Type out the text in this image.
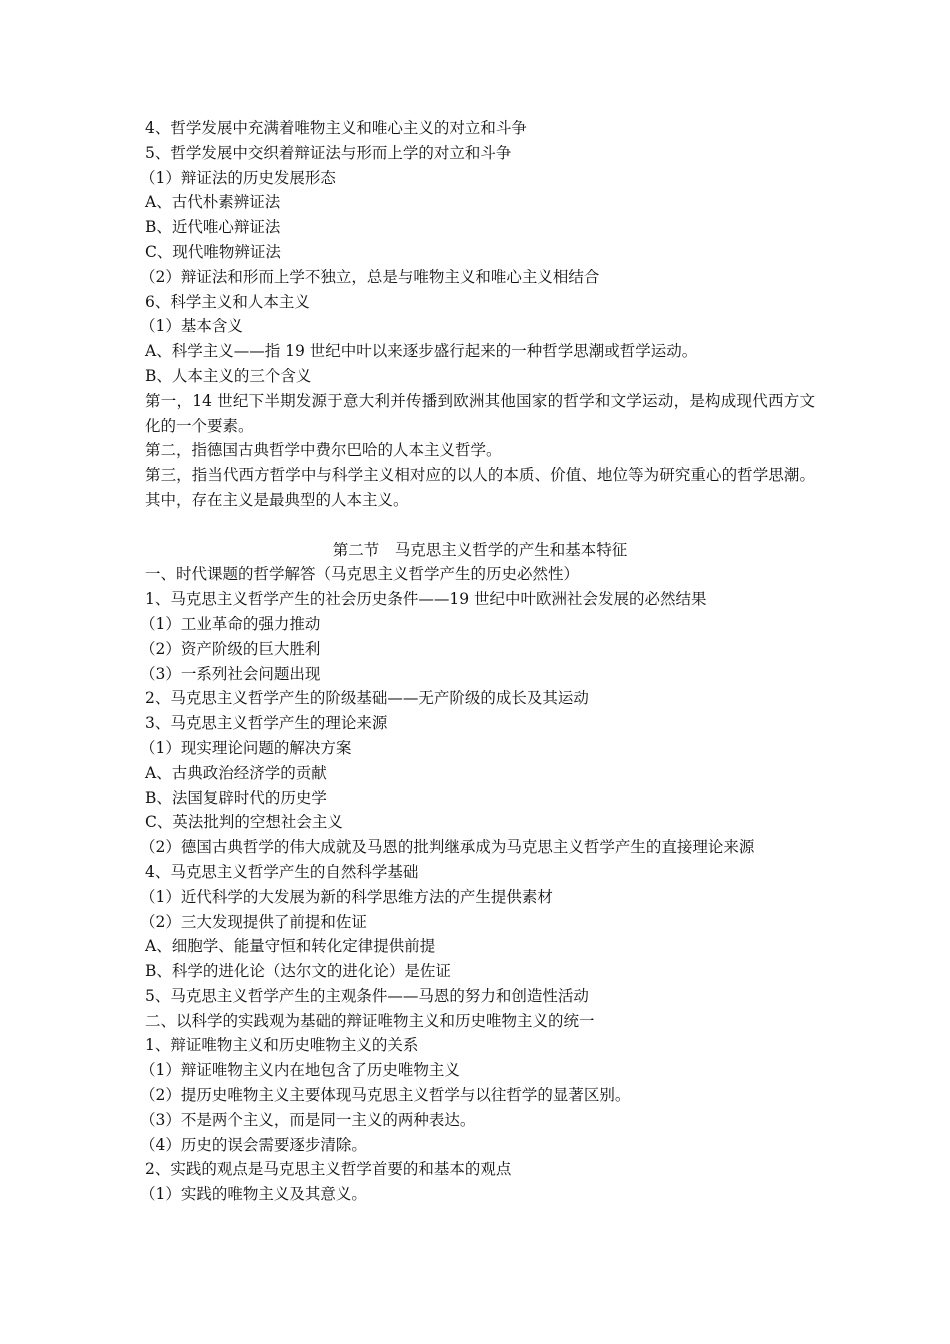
4、哲学发展中充满着唯物主义和唯心主义的对立和斗争
5、哲学发展中交织着辩证法与形而上学的对立和斗争
（1）辩证法的历史发展形态
A、古代朴素辨证法
B、近代唯心辩证法
C、现代唯物辨证法
（2）辩证法和形而上学不独立，总是与唯物主义和唯心主义相结合
6、科学主义和人本主义
（1）基本含义
A、科学主义——指 19 世纪中叶以来逐步盛行起来的一种哲学思潮或哲学运动。
B、人本主义的三个含义
第一，14 世纪下半期发源于意大利并传播到欧洲其他国家的哲学和文学运动，是构成现代西方文化的一个要素。
第二，指德国古典哲学中费尔巴哈的人本主义哲学。
第三，指当代西方哲学中与科学主义相对应的以人的本质、价值、地位等为研究重心的哲学思潮。其中，存在主义是最典型的人本主义。
第二节　马克思主义哲学的产生和基本特征
一、时代课题的哲学解答（马克思主义哲学产生的历史必然性）
1、马克思主义哲学产生的社会历史条件——19 世纪中叶欧洲社会发展的必然结果
（1）工业革命的强力推动
（2）资产阶级的巨大胜利
（3）一系列社会问题出现
2、马克思主义哲学产生的阶级基础——无产阶级的成长及其运动
3、马克思主义哲学产生的理论来源
（1）现实理论问题的解决方案
A、古典政治经济学的贡献
B、法国复辟时代的历史学
C、英法批判的空想社会主义
（2）德国古典哲学的伟大成就及马恩的批判继承成为马克思主义哲学产生的直接理论来源
4、马克思主义哲学产生的自然科学基础
（1）近代科学的大发展为新的科学思维方法的产生提供素材
（2）三大发现提供了前提和佐证
A、细胞学、能量守恒和转化定律提供前提
B、科学的进化论（达尔文的进化论）是佐证
5、马克思主义哲学产生的主观条件——马恩的努力和创造性活动
二、以科学的实践观为基础的辩证唯物主义和历史唯物主义的统一
1、辩证唯物主义和历史唯物主义的关系
（1）辩证唯物主义内在地包含了历史唯物主义
（2）提历史唯物主义主要体现马克思主义哲学与以往哲学的显著区别。
（3）不是两个主义，而是同一主义的两种表达。
（4）历史的误会需要逐步清除。
2、实践的观点是马克思主义哲学首要的和基本的观点
（1）实践的唯物主义及其意义。
